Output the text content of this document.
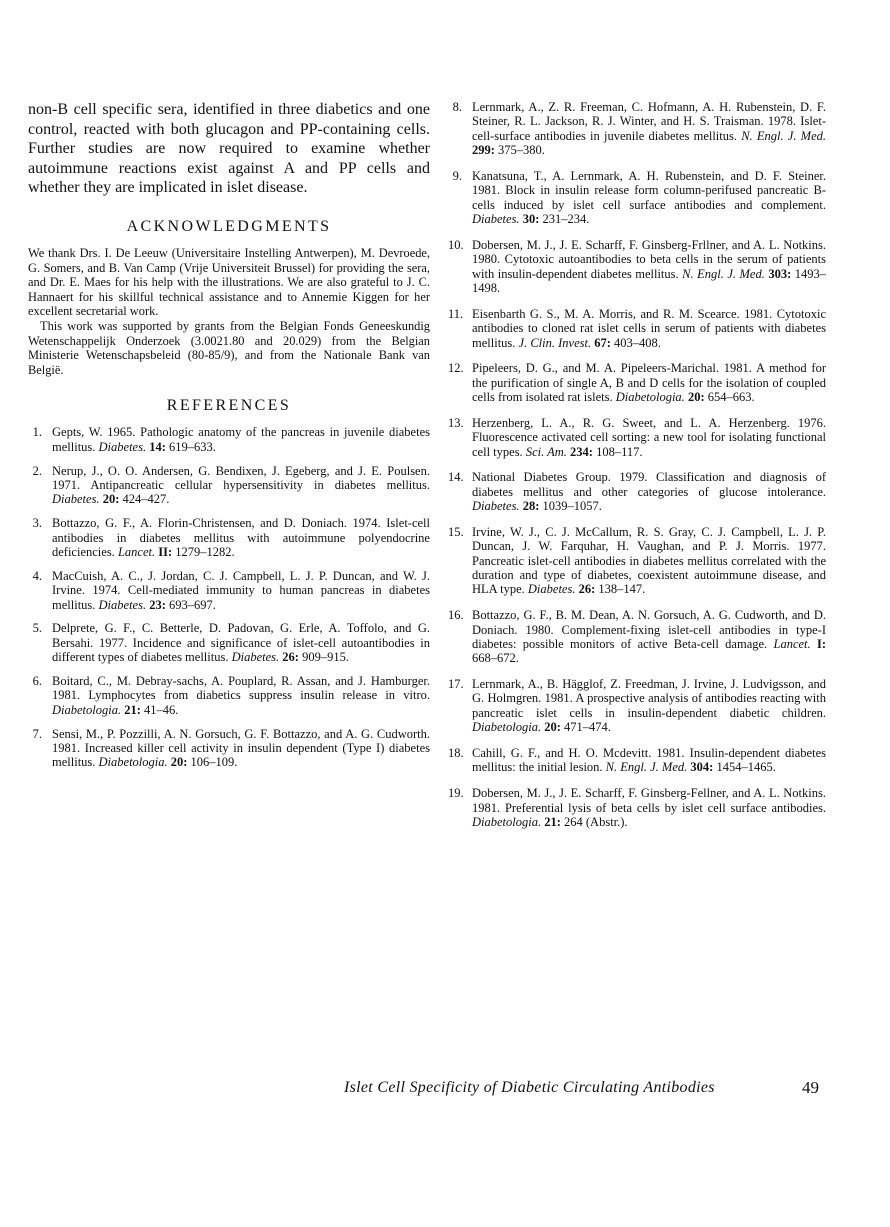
non-B cell specific sera, identified in three diabetics and one control, reacted with both glucagon and PP-containing cells. Further studies are now required to examine whether autoimmune reactions exist against A and PP cells and whether they are implicated in islet disease.

ACKNOWLEDGMENTS

We thank Drs. I. De Leeuw (Universitaire Instelling Antwerpen), M. Devroede, G. Somers, and B. Van Camp (Vrije Universiteit Brussel) for providing the sera, and Dr. E. Maes for his help with the illustrations. We are also grateful to J. C. Hannaert for his skillful technical assistance and to Annemie Kiggen for her excellent secretarial work.

This work was supported by grants from the Belgian Fonds Geneeskundig Wetenschappelijk Onderzoek (3.0021.80 and 20.029) from the Belgian Ministerie Wetenschapsbeleid (80-85/9), and from the Nationale Bank van België.

REFERENCES
1. Gepts, W. 1965. Pathologic anatomy of the pancreas in juvenile diabetes mellitus. Diabetes. 14: 619–633.
2. Nerup, J., O. O. Andersen, G. Bendixen, J. Egeberg, and J. E. Poulsen. 1971. Antipancreatic cellular hypersensitivity in diabetes mellitus. Diabetes. 20: 424–427.
3. Bottazzo, G. F., A. Florin-Christensen, and D. Doniach. 1974. Islet-cell antibodies in diabetes mellitus with autoimmune polyendocrine deficiencies. Lancet. II: 1279–1282.
4. MacCuish, A. C., J. Jordan, C. J. Campbell, L. J. P. Duncan, and W. J. Irvine. 1974. Cell-mediated immunity to human pancreas in diabetes mellitus. Diabetes. 23: 693–697.
5. Delprete, G. F., C. Betterle, D. Padovan, G. Erle, A. Toffolo, and G. Bersahi. 1977. Incidence and significance of islet-cell autoantibodies in different types of diabetes mellitus. Diabetes. 26: 909–915.
6. Boitard, C., M. Debray-sachs, A. Pouplard, R. Assan, and J. Hamburger. 1981. Lymphocytes from diabetics suppress insulin release in vitro. Diabetologia. 21: 41–46.
7. Sensi, M., P. Pozzilli, A. N. Gorsuch, G. F. Bottazzo, and A. G. Cudworth. 1981. Increased killer cell activity in insulin dependent (Type I) diabetes mellitus. Diabetologia. 20: 106–109.
8. Lernmark, A., Z. R. Freeman, C. Hofmann, A. H. Rubenstein, D. F. Steiner, R. L. Jackson, R. J. Winter, and H. S. Traisman. 1978. Islet-cell-surface antibodies in juvenile diabetes mellitus. N. Engl. J. Med. 299: 375–380.
9. Kanatsuna, T., A. Lernmark, A. H. Rubenstein, and D. F. Steiner. 1981. Block in insulin release form column-perifused pancreatic B-cells induced by islet cell surface antibodies and complement. Diabetes. 30: 231–234.
10. Dobersen, M. J., J. E. Scharff, F. Ginsberg-Frllner, and A. L. Notkins. 1980. Cytotoxic autoantibodies to beta cells in the serum of patients with insulin-dependent diabetes mellitus. N. Engl. J. Med. 303: 1493–1498.
11. Eisenbarth G. S., M. A. Morris, and R. M. Scearce. 1981. Cytotoxic antibodies to cloned rat islet cells in serum of patients with diabetes mellitus. J. Clin. Invest. 67: 403–408.
12. Pipeleers, D. G., and M. A. Pipeleers-Marichal. 1981. A method for the purification of single A, B and D cells for the isolation of coupled cells from isolated rat islets. Diabetologia. 20: 654–663.
13. Herzenberg, L. A., R. G. Sweet, and L. A. Herzenberg. 1976. Fluorescence activated cell sorting: a new tool for isolating functional cell types. Sci. Am. 234: 108–117.
14. National Diabetes Group. 1979. Classification and diagnosis of diabetes mellitus and other categories of glucose intolerance. Diabetes. 28: 1039–1057.
15. Irvine, W. J., C. J. McCallum, R. S. Gray, C. J. Campbell, L. J. P. Duncan, J. W. Farquhar, H. Vaughan, and P. J. Morris. 1977. Pancreatic islet-cell antibodies in diabetes mellitus correlated with the duration and type of diabetes, coexistent autoimmune disease, and HLA type. Diabetes. 26: 138–147.
16. Bottazzo, G. F., B. M. Dean, A. N. Gorsuch, A. G. Cudworth, and D. Doniach. 1980. Complement-fixing islet-cell antibodies in type-I diabetes: possible monitors of active Beta-cell damage. Lancet. I: 668–672.
17. Lernmark, A., B. Hägglof, Z. Freedman, J. Irvine, J. Ludvigsson, and G. Holmgren. 1981. A prospective analysis of antibodies reacting with pancreatic islet cells in insulin-dependent diabetic children. Diabetologia. 20: 471–474.
18. Cahill, G. F., and H. O. Mcdevitt. 1981. Insulin-dependent diabetes mellitus: the initial lesion. N. Engl. J. Med. 304: 1454–1465.
19. Dobersen, M. J., J. E. Scharff, F. Ginsberg-Fellner, and A. L. Notkins. 1981. Preferential lysis of beta cells by islet cell surface antibodies. Diabetologia. 21: 264 (Abstr.).
Islet Cell Specificity of Diabetic Circulating Antibodies	49
